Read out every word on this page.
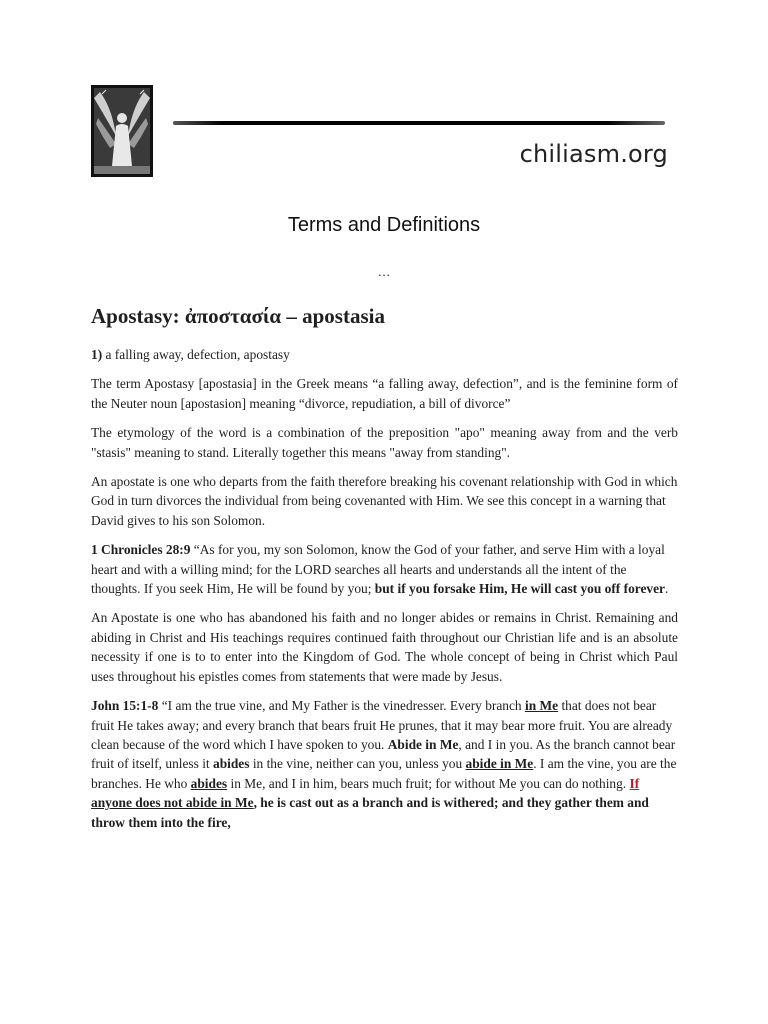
chiliasm.org
Terms and Definitions
…
Apostasy: ἀποστασία – apostasia

1) a falling away, defection, apostasy

The term Apostasy [apostasia] in the Greek means “a falling away, defection”, and is the feminine form of the Neuter noun [apostasion] meaning “divorce, repudiation, a bill of divorce”

The etymology of the word is a combination of the preposition "apo" meaning away from and the verb "stasis" meaning to stand. Literally together this means "away from standing".

An apostate is one who departs from the faith therefore breaking his covenant relationship with God in which God in turn divorces the individual from being covenanted with Him. We see this concept in a warning that David gives to his son Solomon.

1 Chronicles 28:9 “As for you, my son Solomon, know the God of your father, and serve Him with a loyal heart and with a willing mind; for the LORD searches all hearts and understands all the intent of the thoughts. If you seek Him, He will be found by you; but if you forsake Him, He will cast you off forever.

An Apostate is one who has abandoned his faith and no longer abides or remains in Christ. Remaining and abiding in Christ and His teachings requires continued faith throughout our Christian life and is an absolute necessity if one is to to enter into the Kingdom of God. The whole concept of being in Christ which Paul uses throughout his epistles comes from statements that were made by Jesus.

John 15:1-8 “I am the true vine, and My Father is the vinedresser. Every branch in Me that does not bear fruit He takes away; and every branch that bears fruit He prunes, that it may bear more fruit. You are already clean because of the word which I have spoken to you. Abide in Me, and I in you. As the branch cannot bear fruit of itself, unless it abides in the vine, neither can you, unless you abide in Me. I am the vine, you are the branches. He who abides in Me, and I in him, bears much fruit; for without Me you can do nothing. If anyone does not abide in Me, he is cast out as a branch and is withered; and they gather them and throw them into the fire,
